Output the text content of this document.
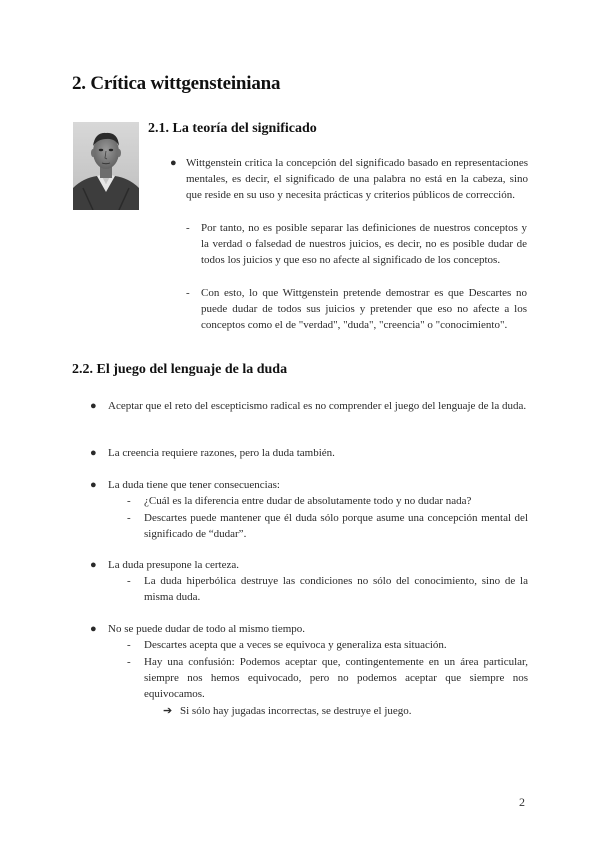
2. Crítica wittgensteiniana
2.1. La teoría del significado
● Wittgenstein critica la concepción del significado basado en representaciones mentales, es decir, el significado de una palabra no está en la cabeza, sino que reside en su uso y necesita prácticas y criterios públicos de corrección.
- Por tanto, no es posible separar las definiciones de nuestros conceptos y la verdad o falsedad de nuestros juicios, es decir, no es posible dudar de todos los juicios y que eso no afecte al significado de los conceptos.
- Con esto, lo que Wittgenstein pretende demostrar es que Descartes no puede dudar de todos sus juicios y pretender que eso no afecte a los conceptos como el de "verdad", "duda", "creencia" o "conocimiento".
2.2. El juego del lenguaje de la duda
● Aceptar que el reto del escepticismo radical es no comprender el juego del lenguaje de la duda.
● La creencia requiere razones, pero la duda también.
● La duda tiene que tener consecuencias:
- ¿Cuál es la diferencia entre dudar de absolutamente todo y no dudar nada?
- Descartes puede mantener que él duda sólo porque asume una concepción mental del significado de “dudar”.
● La duda presupone la certeza.
- La duda hiperbólica destruye las condiciones no sólo del conocimiento, sino de la misma duda.
● No se puede dudar de todo al mismo tiempo.
- Descartes acepta que a veces se equivoca y generaliza esta situación.
- Hay una confusión: Podemos aceptar que, contingentemente en un área particular, siempre nos hemos equivocado, pero no podemos aceptar que siempre nos equivocamos.
➔ Si sólo hay jugadas incorrectas, se destruye el juego.
2
